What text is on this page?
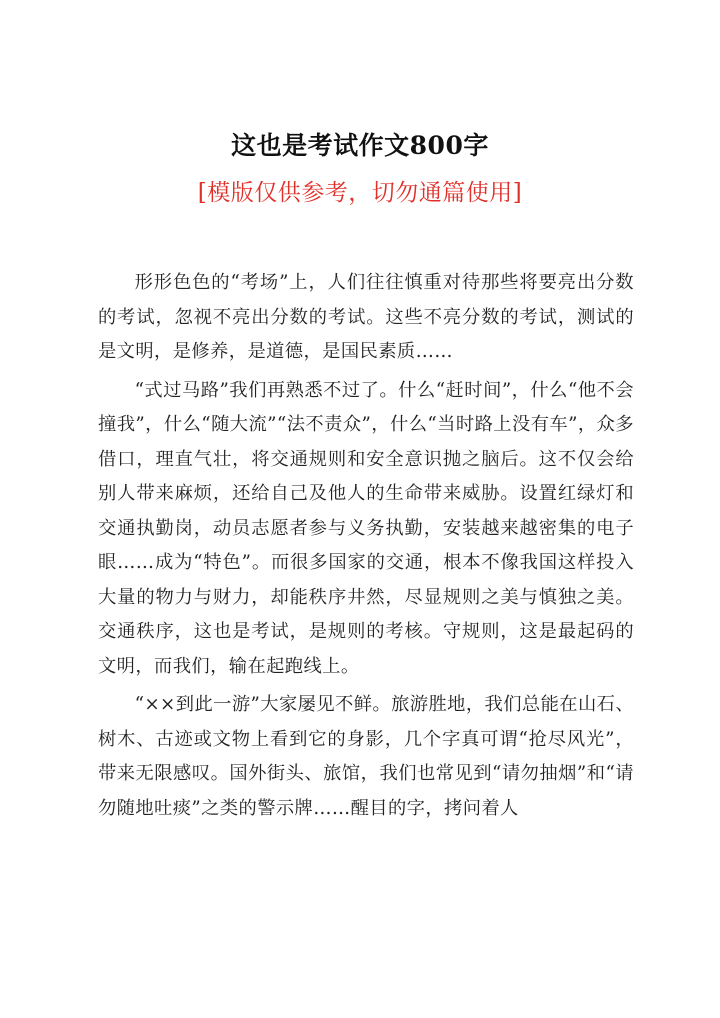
这也是考试作文800字
[模版仅供参考，切勿通篇使用]

形形色色的“考场”上，人们往往慎重对待那些将要亮出分数的考试，忽视不亮出分数的考试。这些不亮分数的考试，测试的是文明，是修养，是道德，是国民素质……

“式过马路”我们再熟悉不过了。什么“赶时间”，什么“他不会撞我”，什么“随大流”“法不责众”，什么“当时路上没有车”，众多借口，理直气壮，将交通规则和安全意识抛之脑后。这不仅会给别人带来麻烦，还给自己及他人的生命带来威胁。设置红绿灯和交通执勤岗，动员志愿者参与义务执勤，安装越来越密集的电子眼……成为“特色”。而很多国家的交通，根本不像我国这样投入大量的物力与财力，却能秩序井然，尽显规则之美与慎独之美。交通秩序，这也是考试，是规则的考核。守规则，这是最起码的文明，而我们，输在起跑线上。

“××到此一游”大家屡见不鲜。旅游胜地，我们总能在山石、树木、古迹或文物上看到它的身影，几个字真可谓“抢尽风光”，带来无限感叹。国外街头、旅馆，我们也常见到“请勿抽烟”和“请勿随地吐痰”之类的警示牌……醒目的字，拷问着人
